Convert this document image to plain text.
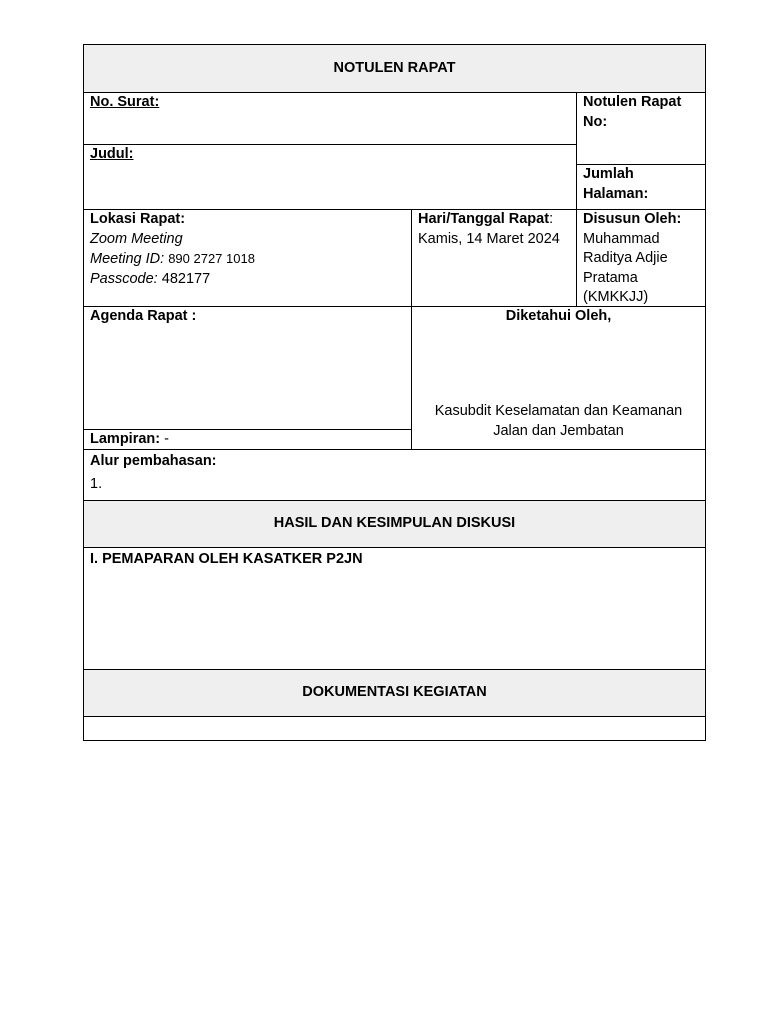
NOTULEN RAPAT
No. Surat:
Judul:
Notulen Rapat No:
Jumlah Halaman:
Lokasi Rapat:
Zoom Meeting
Meeting ID: 890 2727 1018
Passcode: 482177
Hari/Tanggal Rapat:
Kamis, 14 Maret 2024
Disusun Oleh:
Muhammad Raditya Adjie Pratama (KMKKJJ)
Agenda Rapat :
Lampiran: -
Diketahui Oleh,
Kasubdit Keselamatan dan Keamanan
Jalan dan Jembatan
Alur pembahasan:
1.
HASIL DAN KESIMPULAN DISKUSI
I. PEMAPARAN OLEH KASATKER P2JN
DOKUMENTASI KEGIATAN
